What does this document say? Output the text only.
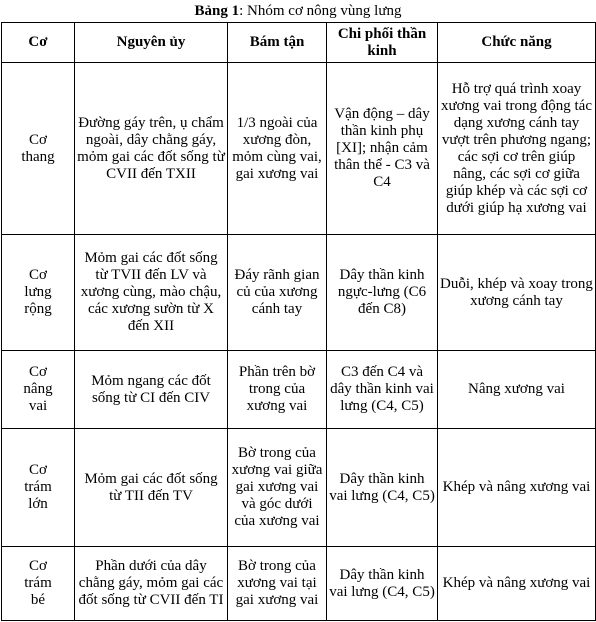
Bảng 1: Nhóm cơ nông vùng lưng
Cơ	Nguyên ủy	Bám tận	Chi phối thần kinh	Chức năng
Cơ thang	Đường gáy trên, ụ chẩm ngoài, dây chằng gáy, mỏm gai các đốt sống từ CVII đến TXII	1/3 ngoài của xương đòn, mỏm cùng vai, gai xương vai	Vận động – dây thần kinh phụ [XI]; nhận cảm thân thể - C3 và C4	Hỗ trợ quá trình xoay xương vai trong động tác dạng xương cánh tay vượt trên phương ngang; các sợi cơ trên giúp nâng, các sợi cơ giữa giúp khép và các sợi cơ dưới giúp hạ xương vai
Cơ lưng rộng	Mỏm gai các đốt sống từ TVII đến LV và xương cùng, mào chậu, các xương sườn từ X đến XII	Đáy rãnh gian củ của xương cánh tay	Dây thần kinh ngực-lưng (C6 đến C8)	Duỗi, khép và xoay trong xương cánh tay
Cơ nâng vai	Mỏm ngang các đốt sống từ CI đến CIV	Phần trên bờ trong của xương vai	C3 đến C4 và dây thần kinh vai lưng (C4, C5)	Nâng xương vai
Cơ trám lớn	Mỏm gai các đốt sống từ TII đến TV	Bờ trong của xương vai giữa gai xương vai và góc dưới của xương vai	Dây thần kinh vai lưng (C4, C5)	Khép và nâng xương vai
Cơ trám bé	Phần dưới của dây chằng gáy, mỏm gai các đốt sống từ CVII đến TI	Bờ trong của xương vai tại gai xương vai	Dây thần kinh vai lưng (C4, C5)	Khép và nâng xương vai
